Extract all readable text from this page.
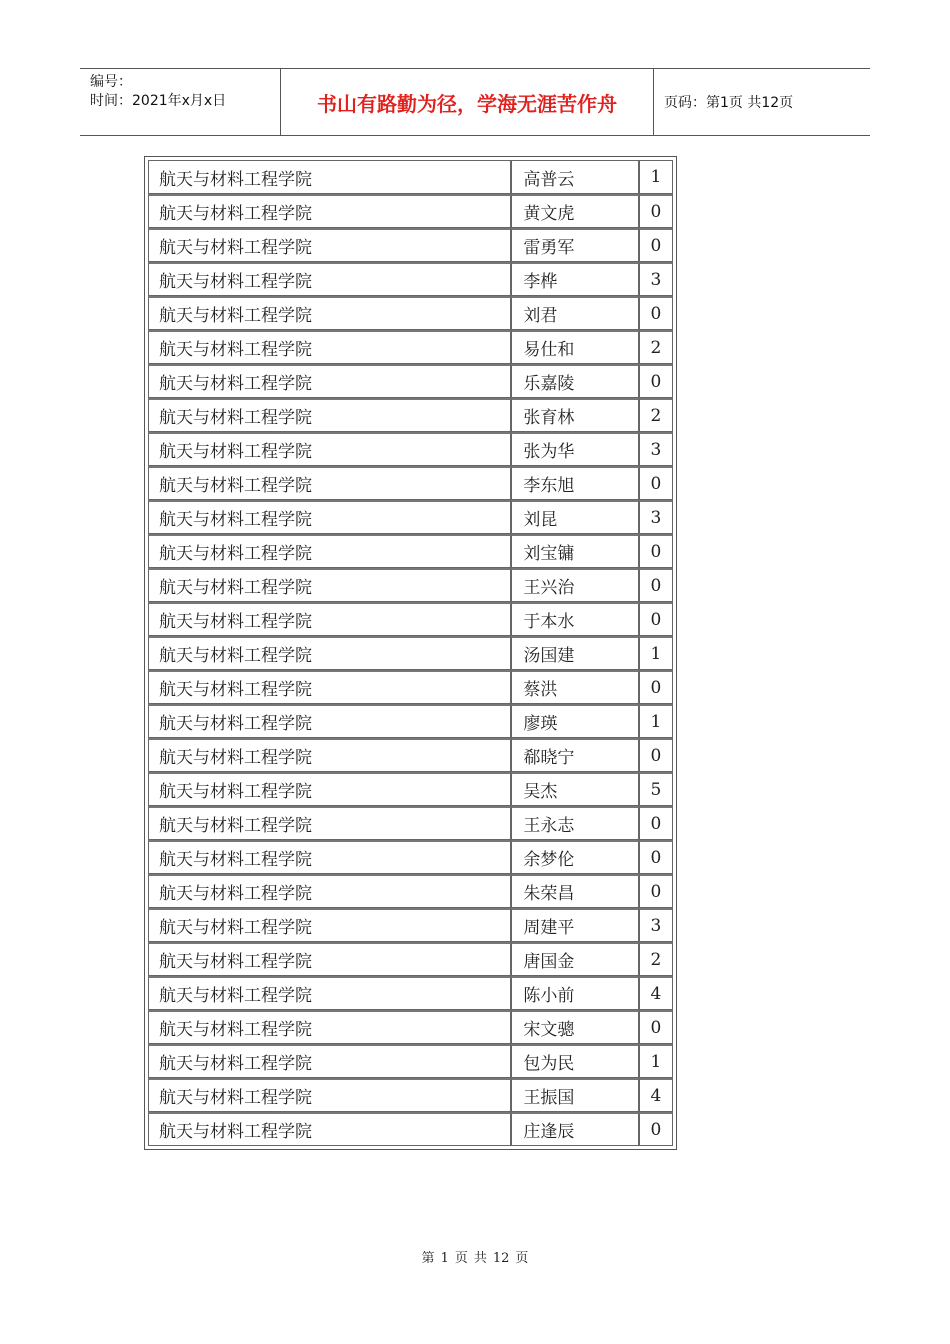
编号：
时间：2021年x月x日	书山有路勤为径，学海无涯苦作舟	页码：第1页 共12页
航天与材料工程学院	高普云	1
航天与材料工程学院	黄文虎	0
航天与材料工程学院	雷勇军	0
航天与材料工程学院	李桦	3
航天与材料工程学院	刘君	0
航天与材料工程学院	易仕和	2
航天与材料工程学院	乐嘉陵	0
航天与材料工程学院	张育林	2
航天与材料工程学院	张为华	3
航天与材料工程学院	李东旭	0
航天与材料工程学院	刘昆	3
航天与材料工程学院	刘宝镛	0
航天与材料工程学院	王兴治	0
航天与材料工程学院	于本水	0
航天与材料工程学院	汤国建	1
航天与材料工程学院	蔡洪	0
航天与材料工程学院	廖瑛	1
航天与材料工程学院	郗晓宁	0
航天与材料工程学院	吴杰	5
航天与材料工程学院	王永志	0
航天与材料工程学院	余梦伦	0
航天与材料工程学院	朱荣昌	0
航天与材料工程学院	周建平	3
航天与材料工程学院	唐国金	2
航天与材料工程学院	陈小前	4
航天与材料工程学院	宋文骢	0
航天与材料工程学院	包为民	1
航天与材料工程学院	王振国	4
航天与材料工程学院	庄逢辰	0
第 1 页 共 12 页
